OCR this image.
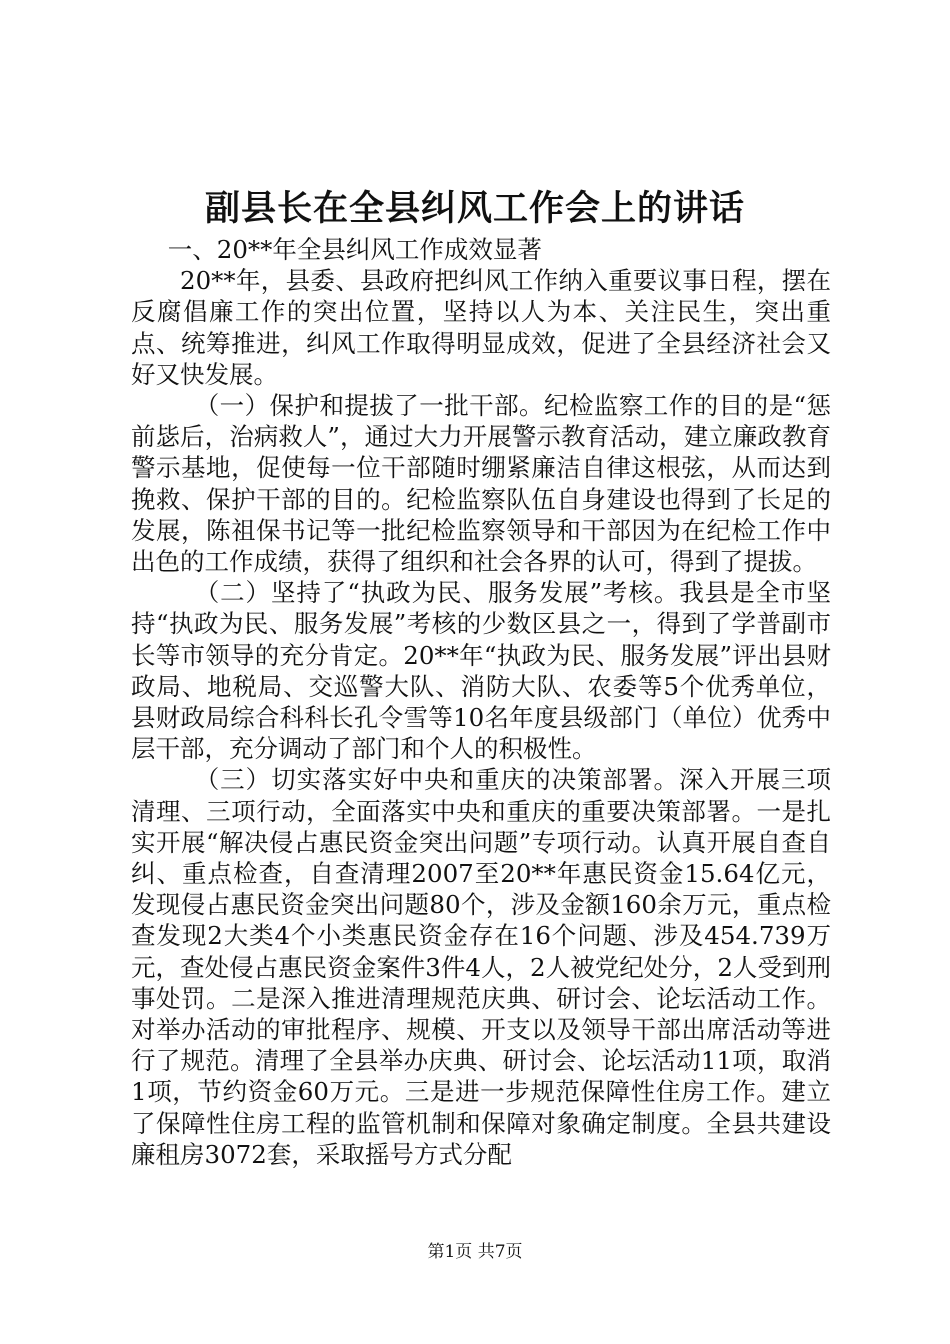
副县长在全县纠风工作会上的讲话

一、20**年全县纠风工作成效显著

20**年，县委、县政府把纠风工作纳入重要议事日程，摆在反腐倡廉工作的突出位置，坚持以人为本、关注民生，突出重点、统筹推进，纠风工作取得明显成效，促进了全县经济社会又好又快发展。

（一）保护和提拔了一批干部。纪检监察工作的目的是“惩前毖后，治病救人”，通过大力开展警示教育活动，建立廉政教育警示基地，促使每一位干部随时绷紧廉洁自律这根弦，从而达到挽救、保护干部的目的。纪检监察队伍自身建设也得到了长足的发展，陈祖保书记等一批纪检监察领导和干部因为在纪检工作中出色的工作成绩，获得了组织和社会各界的认可，得到了提拔。

（二）坚持了“执政为民、服务发展”考核。我县是全市坚持“执政为民、服务发展”考核的少数区县之一，得到了学普副市长等市领导的充分肯定。20**年“执政为民、服务发展”评出县财政局、地税局、交巡警大队、消防大队、农委等5个优秀单位，县财政局综合科科长孔令雪等10名年度县级部门（单位）优秀中层干部，充分调动了部门和个人的积极性。

（三）切实落实好中央和重庆的决策部署。深入开展三项清理、三项行动，全面落实中央和重庆的重要决策部署。一是扎实开展“解决侵占惠民资金突出问题”专项行动。认真开展自查自纠、重点检查，自查清理2007至20**年惠民资金15.64亿元，发现侵占惠民资金突出问题80个，涉及金额160余万元，重点检查发现2大类4个小类惠民资金存在16个问题、涉及454.739万元，查处侵占惠民资金案件3件4人，2人被党纪处分，2人受到刑事处罚。二是深入推进清理规范庆典、研讨会、论坛活动工作。对举办活动的审批程序、规模、开支以及领导干部出席活动等进行了规范。清理了全县举办庆典、研讨会、论坛活动11项，取消1项，节约资金60万元。三是进一步规范保障性住房工作。建立了保障性住房工程的监管机制和保障对象确定制度。全县共建设廉租房3072套，采取摇号方式分配

第1页 共7页
